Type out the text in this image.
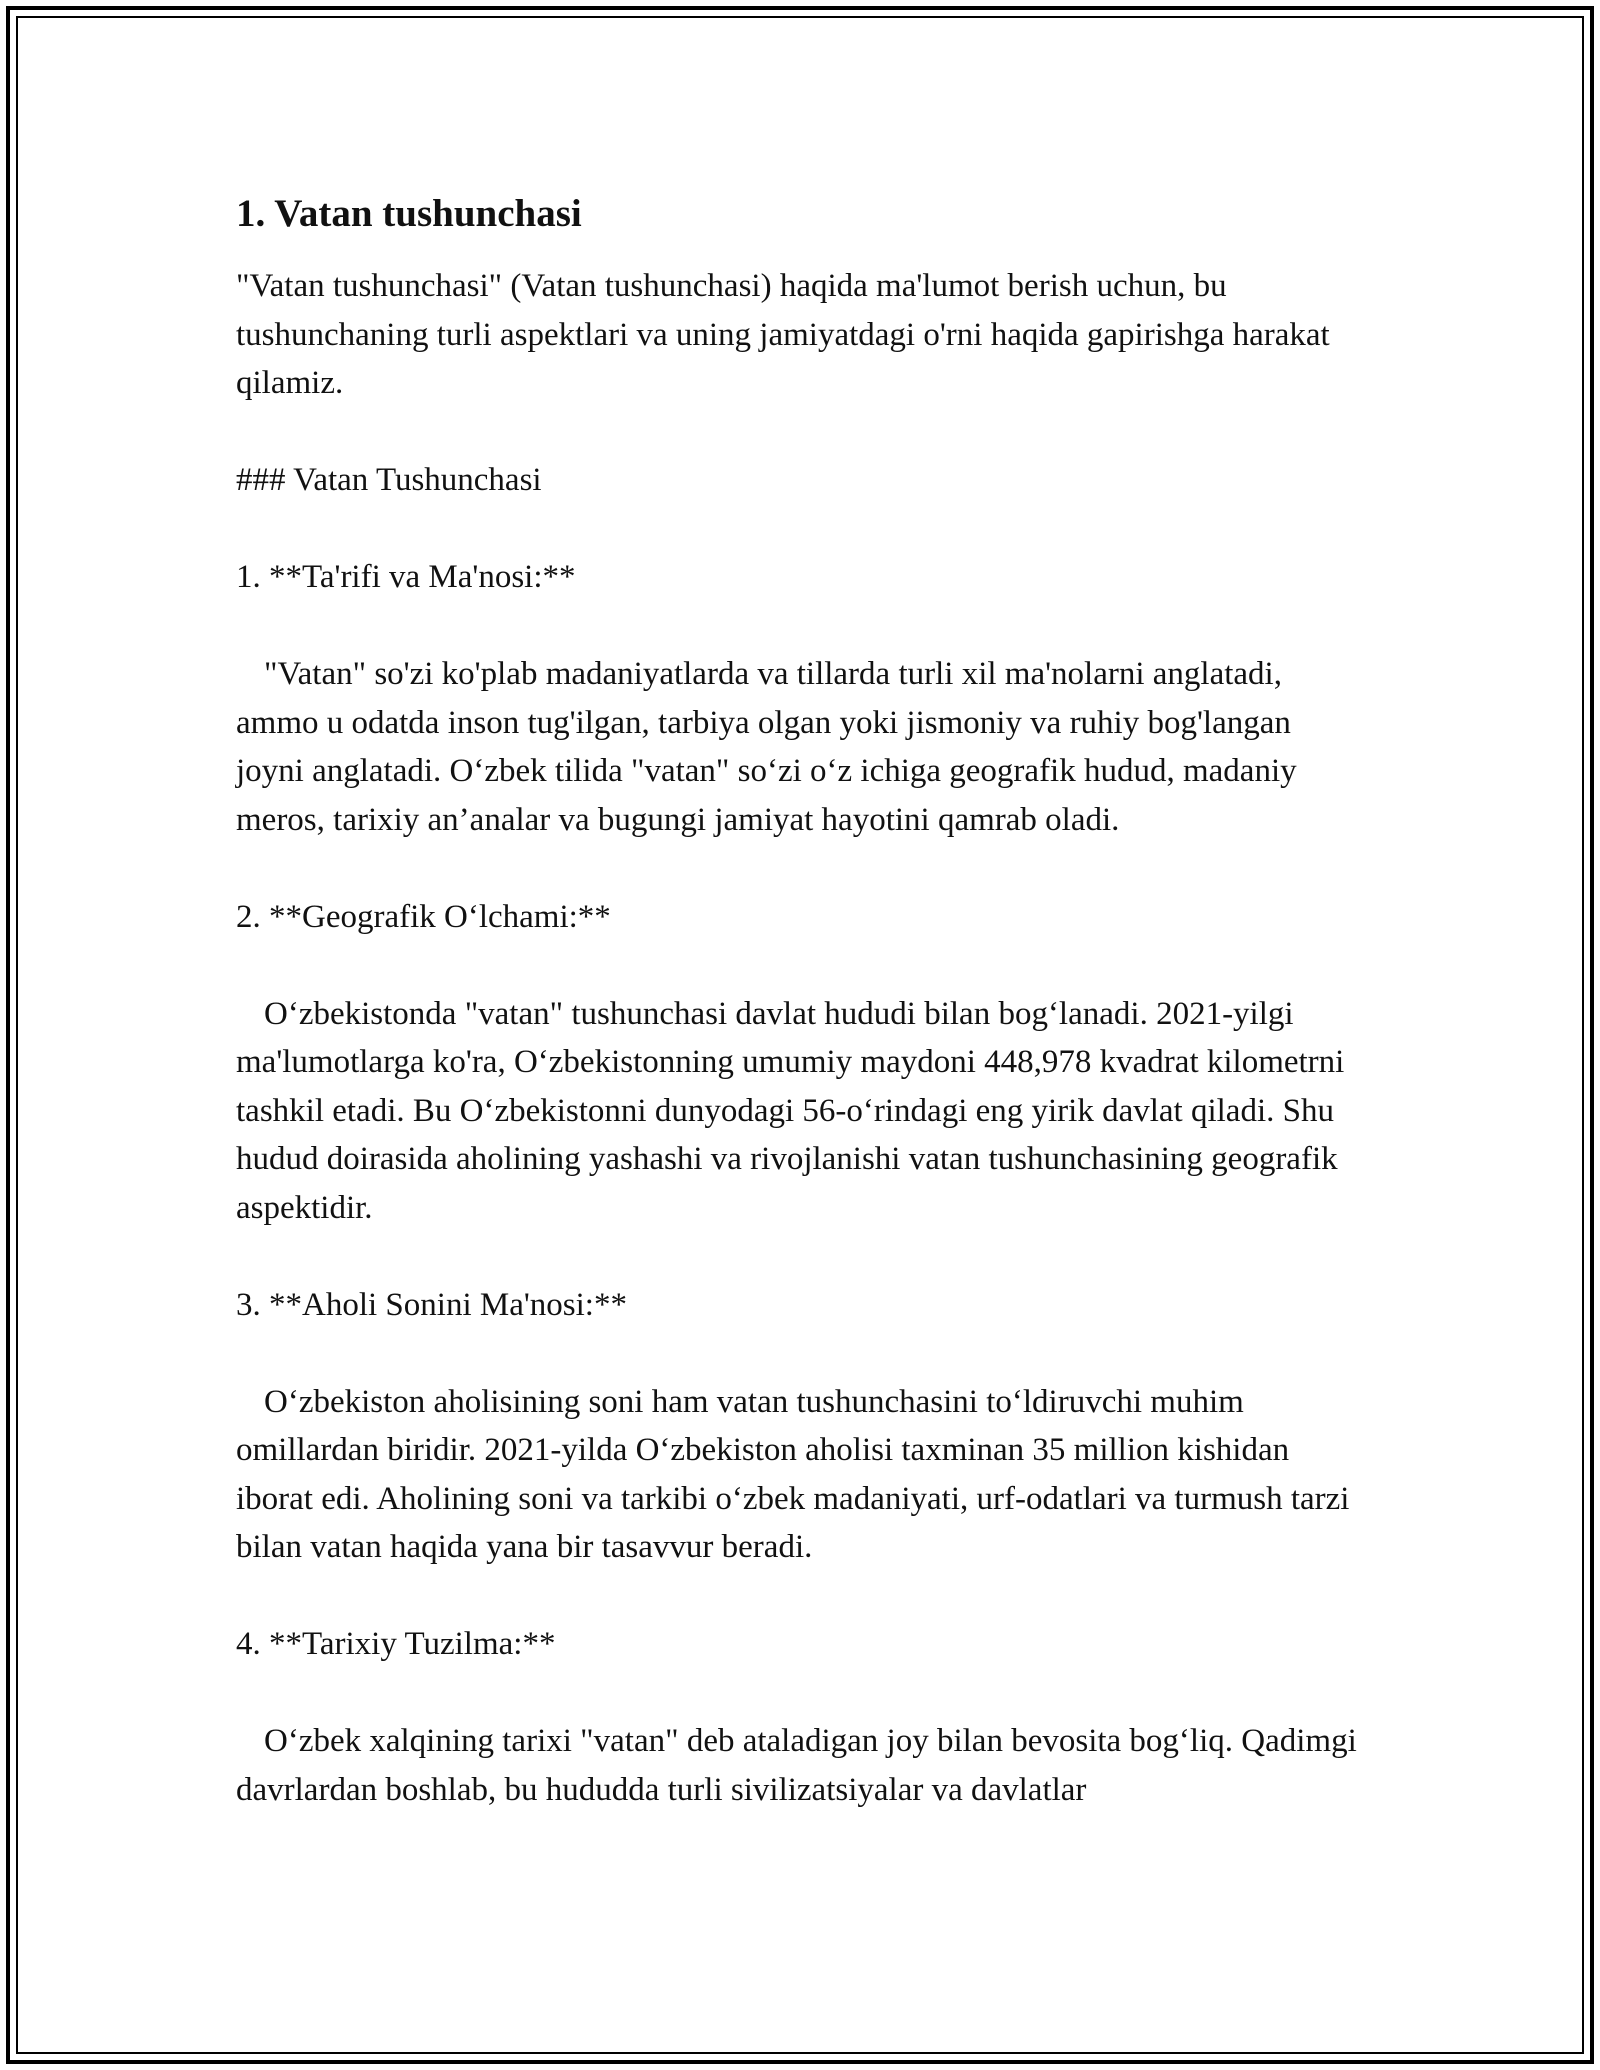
1. Vatan tushunchasi

"Vatan tushunchasi" (Vatan tushunchasi) haqida ma'lumot berish uchun, bu tushunchaning turli aspektlari va uning jamiyatdagi o'rni haqida gapirishga harakat qilamiz.

### Vatan Tushunchasi

1. **Ta'rifi va Ma'nosi:**

"Vatan" so'zi ko'plab madaniyatlarda va tillarda turli xil ma'nolarni anglatadi, ammo u odatda inson tug'ilgan, tarbiya olgan yoki jismoniy va ruhiy bog'langan joyni anglatadi. O‘zbek tilida "vatan" so‘zi o‘z ichiga geografik hudud, madaniy meros, tarixiy an’analar va bugungi jamiyat hayotini qamrab oladi.

2. **Geografik O‘lchami:**

O‘zbekistonda "vatan" tushunchasi davlat hududi bilan bog‘lanadi. 2021-yilgi ma'lumotlarga ko'ra, O‘zbekistonning umumiy maydoni 448,978 kvadrat kilometrni tashkil etadi. Bu O‘zbekistonni dunyodagi 56-o‘rindagi eng yirik davlat qiladi. Shu hudud doirasida aholining yashashi va rivojlanishi vatan tushunchasining geografik aspektidir.

3. **Aholi Sonini Ma'nosi:**

O‘zbekiston aholisining soni ham vatan tushunchasini to‘ldiruvchi muhim omillardan biridir. 2021-yilda O‘zbekiston aholisi taxminan 35 million kishidan iborat edi. Aholining soni va tarkibi o‘zbek madaniyati, urf-odatlari va turmush tarzi bilan vatan haqida yana bir tasavvur beradi.

4. **Tarixiy Tuzilma:**

O‘zbek xalqining tarixi "vatan" deb ataladigan joy bilan bevosita bog‘liq. Qadimgi davrlardan boshlab, bu hududda turli sivilizatsiyalar va davlatlar
